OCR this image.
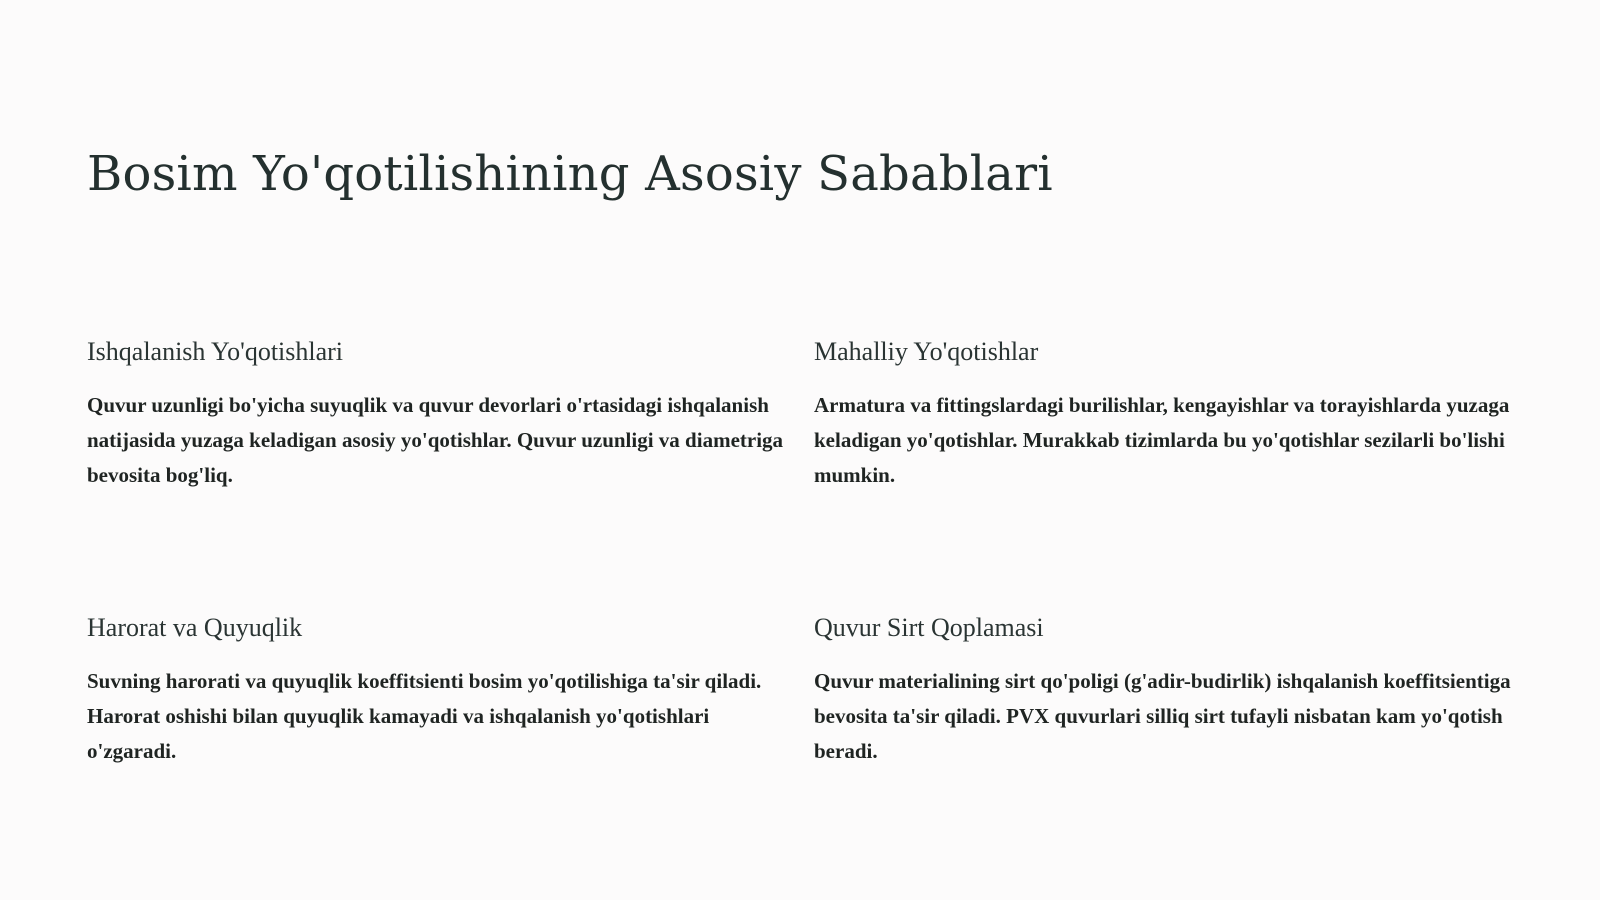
Bosim Yo'qotilishining Asosiy Sabablari
Ishqalanish Yo'qotishlari

Quvur uzunligi bo'yicha suyuqlik va quvur devorlari o'rtasidagi ishqalanish natijasida yuzaga keladigan asosiy yo'qotishlar. Quvur uzunligi va diametriga bevosita bog'liq.

Mahalliy Yo'qotishlar

Armatura va fittingslardagi burilishlar, kengayishlar va torayishlarda yuzaga keladigan yo'qotishlar. Murakkab tizimlarda bu yo'qotishlar sezilarli bo'lishi mumkin.

Harorat va Quyuqlik

Suvning harorati va quyuqlik koeffitsienti bosim yo'qotilishiga ta'sir qiladi. Harorat oshishi bilan quyuqlik kamayadi va ishqalanish yo'qotishlari o'zgaradi.

Quvur Sirt Qoplamasi

Quvur materialining sirt qo'poligi (g'adir-budirlik) ishqalanish koeffitsientiga bevosita ta'sir qiladi. PVX quvurlari silliq sirt tufayli nisbatan kam yo'qotish beradi.
